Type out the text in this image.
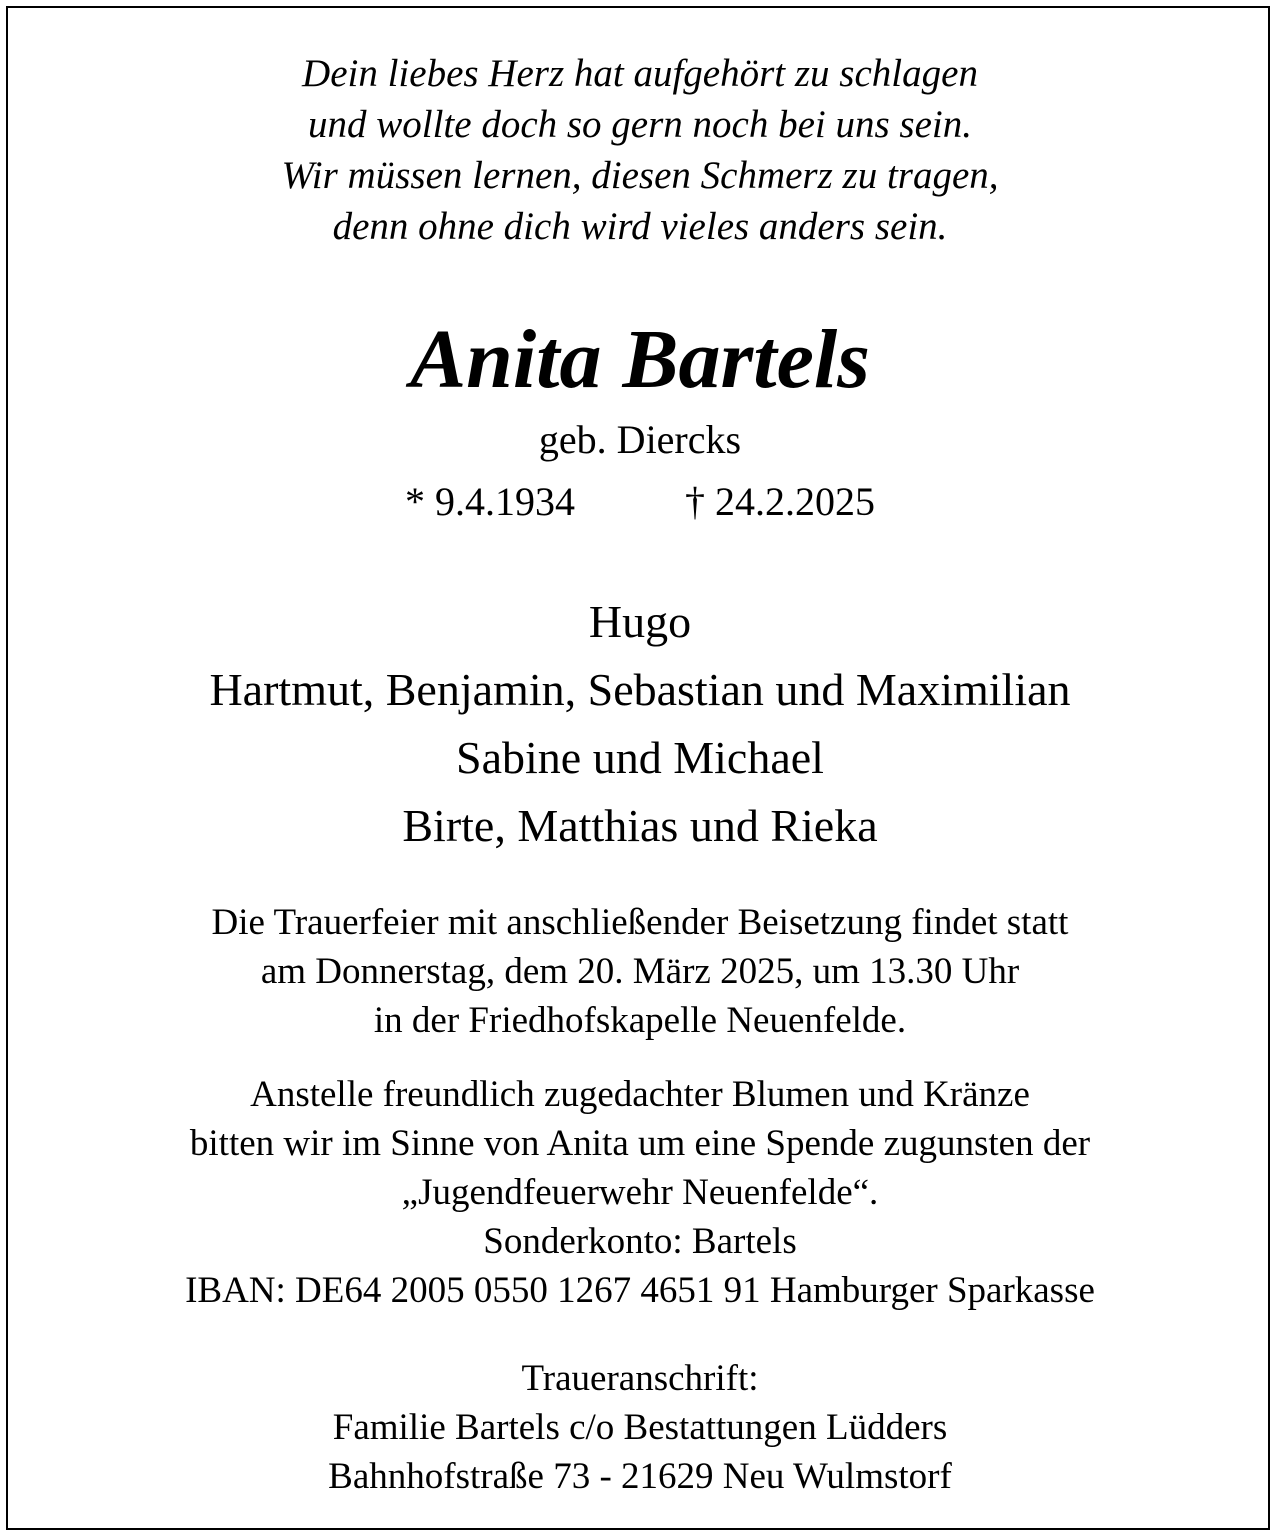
Dein liebes Herz hat aufgehört zu schlagen
und wollte doch so gern noch bei uns sein.
Wir müssen lernen, diesen Schmerz zu tragen,
denn ohne dich wird vieles anders sein.
Anita Bartels
geb. Diercks
* 9.4.1934	† 24.2.2025
Hugo
Hartmut, Benjamin, Sebastian und Maximilian
Sabine und Michael
Birte, Matthias und Rieka
Die Trauerfeier mit anschließender Beisetzung findet statt
am Donnerstag, dem 20. März 2025, um 13.30 Uhr
in der Friedhofskapelle Neuenfelde.
Anstelle freundlich zugedachter Blumen und Kränze
bitten wir im Sinne von Anita um eine Spende zugunsten der
„Jugendfeuerwehr Neuenfelde“.
Sonderkonto: Bartels
IBAN: DE64 2005 0550 1267 4651 91 Hamburger Sparkasse
Traueranschrift:
Familie Bartels c/o Bestattungen Lüdders
Bahnhofstraße 73 - 21629 Neu Wulmstorf
